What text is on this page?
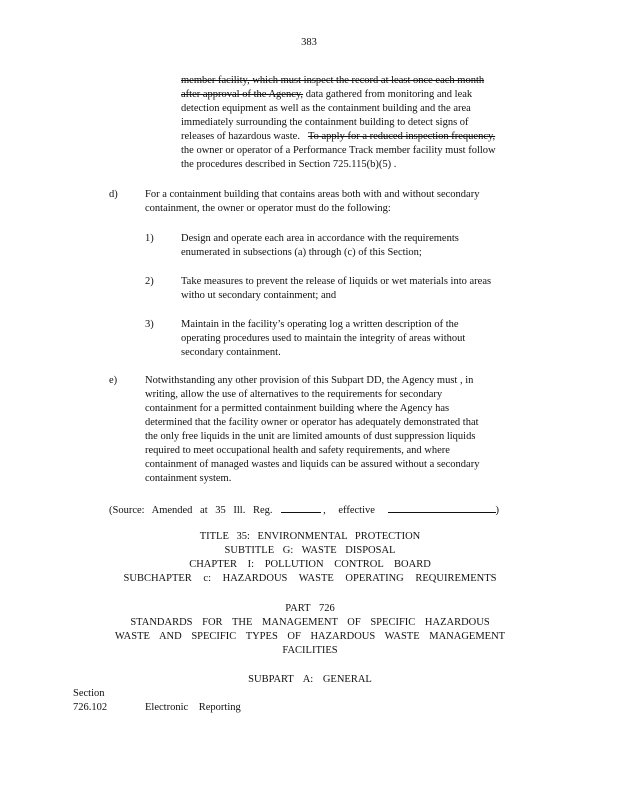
383
member facility, which must inspect the record at least once each month
after approval of the Agency, data gathered from monitoring and leak
detection equipment as well as the containment building and the area
immediately surrounding the containment building to detect signs of
releases of hazardous waste. To apply for a reduced inspection frequency,
the owner or operator of a Performance Track member facility must follow
the procedures described in Section 725.115(b)(5) .
d)	For a containment building that contains areas both with and without secondary
containment, the owner or operator must do the following:
1)	Design and operate each area in accordance with the requirements
enumerated in subsections (a) through (c) of this Section;
2)	Take measures to prevent the release of liquids or wet materials into areas
witho ut secondary containment; and
3)	Maintain in the facility’s operating log a written description of the
operating procedures used to maintain the integrity of areas without
secondary containment.
e)	Notwithstanding any other provision of this Subpart DD, the Agency must , in
writing, allow the use of alternatives to the requirements for secondary
containment for a permitted containment building where the Agency has
determined that the facility owner or operator has adequately demonstrated that
the only free liquids in the unit are limited amounts of dust suppression liquids
required to meet occupational health and safety requirements, and where
containment of managed wastes and liquids can be assured without a secondary
containment system.
(Source: Amended at 35 Ill. Reg.	, effective	)
TITLE 35: ENVIRONMENTAL PROTECTION
SUBTITLE G: WASTE DISPOSAL
CHAPTER I: POLLUTION CONTROL BOARD
SUBCHAPTER c: HAZARDOUS WASTE OPERATING REQUIREMENTS
PART 726
STANDARDS FOR THE MANAGEMENT OF SPECIFIC HAZARDOUS
WASTE AND SPECIFIC TYPES OF HAZARDOUS WASTE MANAGEMENT
FACILITIES
SUBPART A: GENERAL
Section
726.102	Electronic Reporting
